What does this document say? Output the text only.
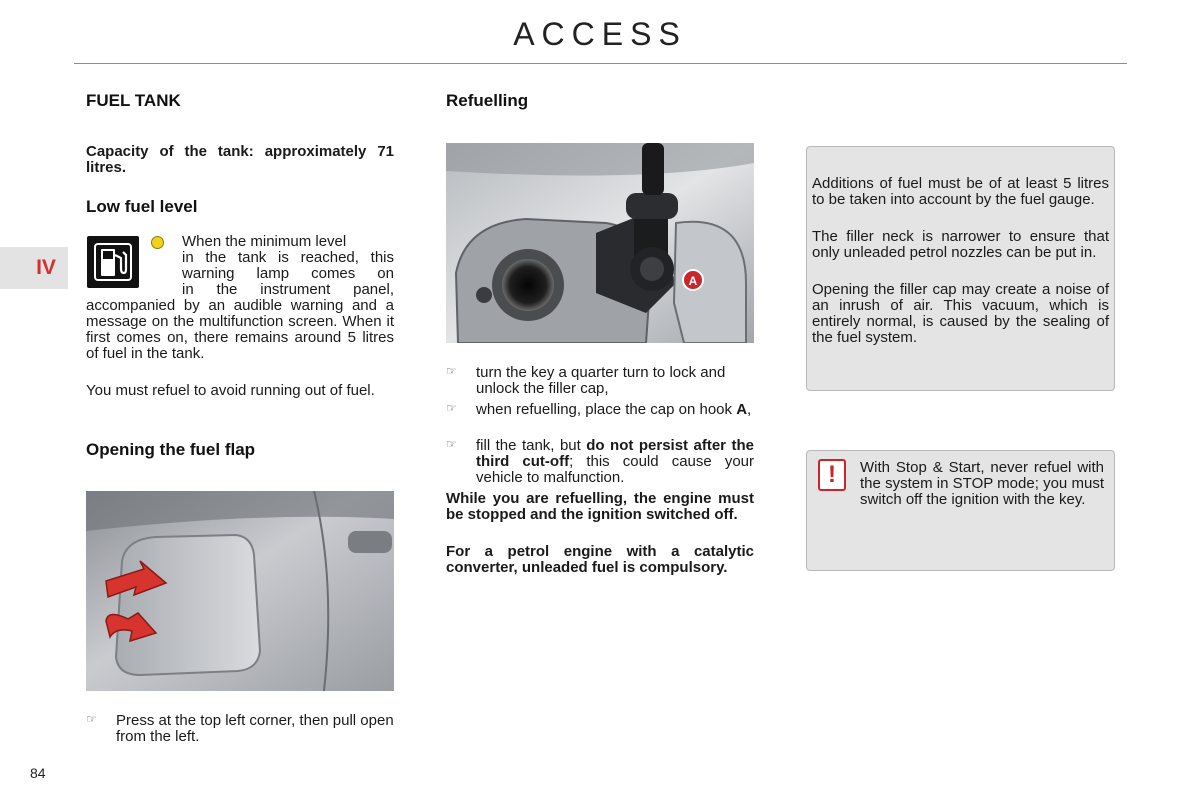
ACCESS
IV
FUEL TANK
Capacity of the tank: approximately 71 litres.
Low fuel level
When the minimum level
in the tank is reached, this
warning lamp comes on
in the instrument panel,
accompanied by an audible warning and a message on the multifunction screen. When it first comes on, there remains around 5 litres of fuel in the tank.
You must refuel to avoid running out of fuel.
Opening the fuel flap
☞ Press at the top left corner, then pull open from the left.
Refuelling
A
☞ turn the key a quarter turn to lock and unlock the filler cap,
☞ when refuelling, place the cap on hook A,
☞ fill the tank, but do not persist after the third cut-off; this could cause your vehicle to malfunction.
While you are refuelling, the engine must be stopped and the ignition switched off.
For a petrol engine with a catalytic converter, unleaded fuel is compulsory.
Additions of fuel must be of at least 5 litres to be taken into account by the fuel gauge.
The filler neck is narrower to ensure that only unleaded petrol nozzles can be put in.
Opening the filler cap may create a noise of an inrush of air. This vacuum, which is entirely normal, is caused by the sealing of the fuel system.
With Stop & Start, never refuel with the system in STOP mode; you must switch off the ignition with the key.
!
84
